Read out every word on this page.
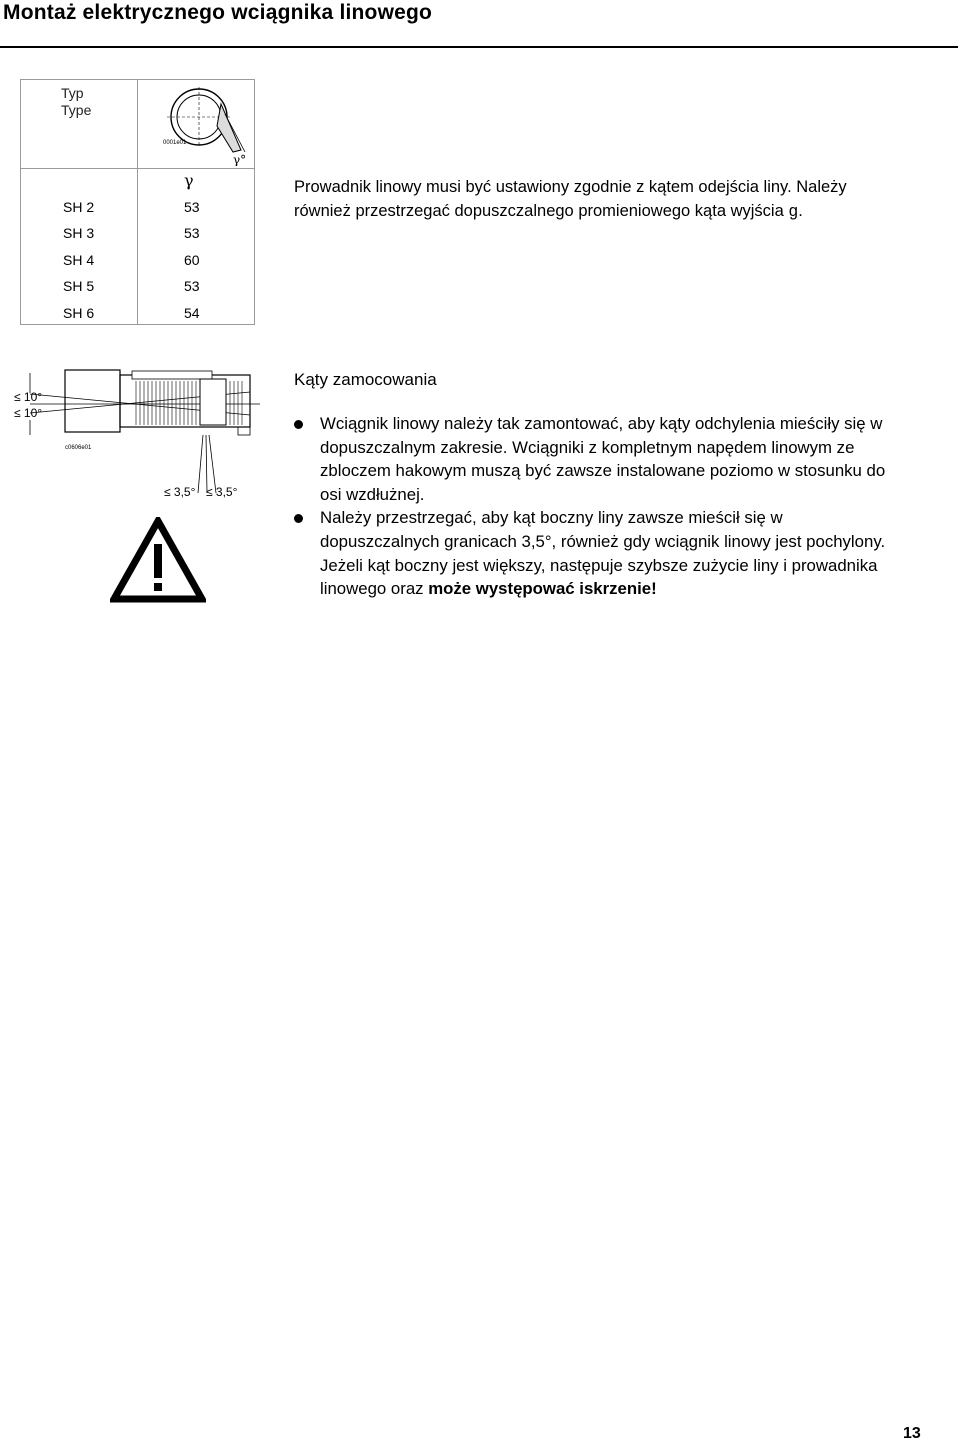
Montaż elektrycznego wciągnika linowego
Typ
Type
0001e01
γ°
γ
SH 2	53
SH 3	53
SH 4	60
SH 5	53
SH 6	54
Prowadnik linowy musi być ustawiony zgodnie z kątem odejścia liny. Należy
również przestrzegać dopuszczalnego promieniowego kąta wyjścia g.
≤ 10°
≤ 10°
c0606e01
≤ 3,5° ≤ 3,5°
Kąty zamocowania
Wciągnik linowy należy tak zamontować, aby kąty odchylenia mieściły się w
dopuszczalnym zakresie. Wciągniki z kompletnym napędem linowym ze
zbloczem hakowym muszą być zawsze instalowane poziomo w stosunku do
osi wzdłużnej.
Należy przestrzegać, aby kąt boczny liny zawsze mieścił się w
dopuszczalnych granicach 3,5°, również gdy wciągnik linowy jest pochylony.
Jeżeli kąt boczny jest większy, następuje szybsze zużycie liny i prowadnika
linowego oraz może występować iskrzenie!
13
